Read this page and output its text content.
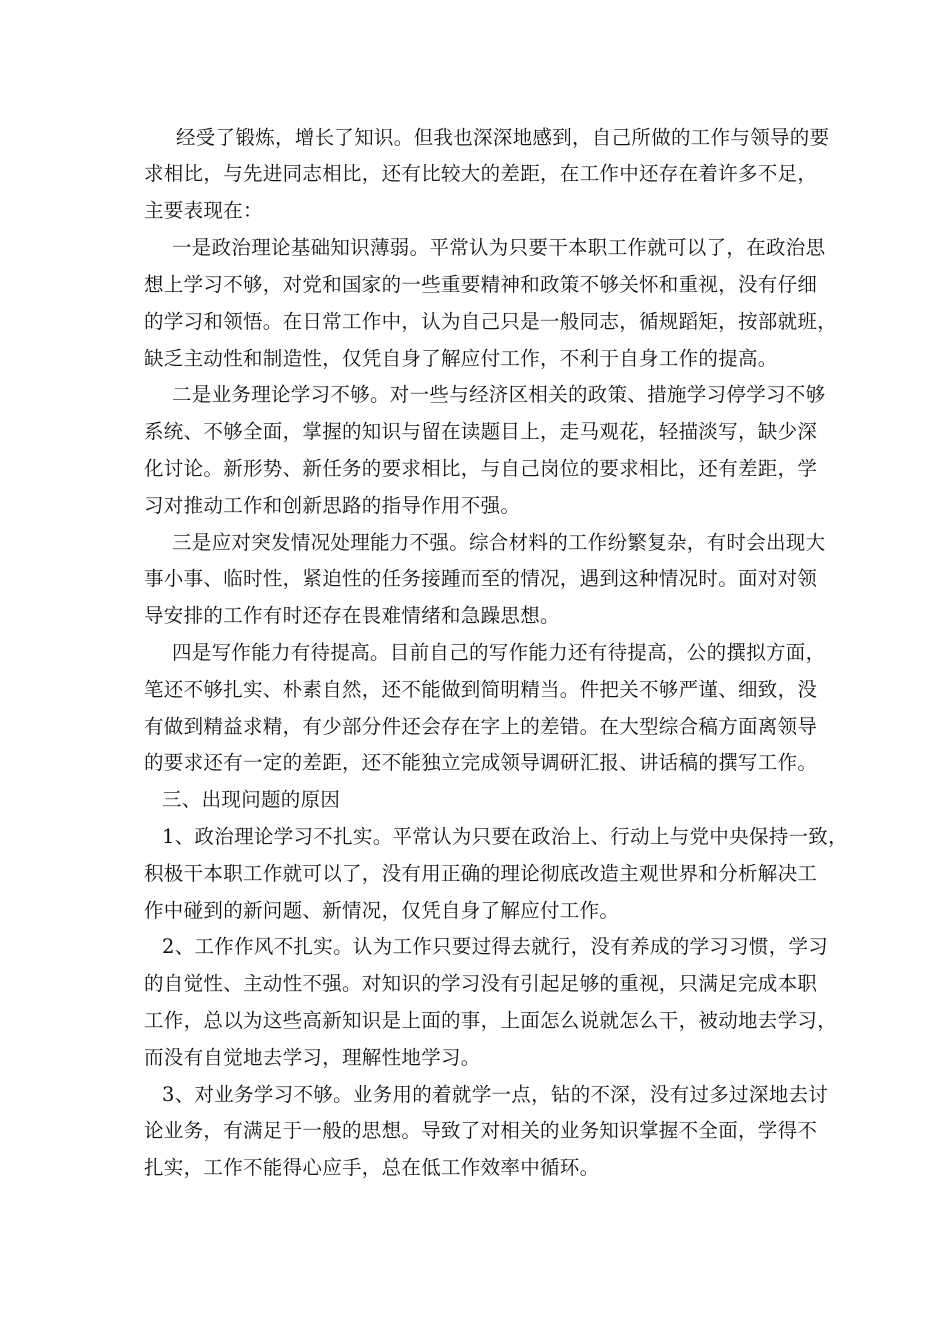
经受了锻炼，增长了知识。但我也深深地感到，自己所做的工作与领导的要

求相比，与先进同志相比，还有比较大的差距，在工作中还存在着许多不足，

主要表现在：

一是政治理论基础知识薄弱。平常认为只要干本职工作就可以了，在政治思

想上学习不够，对党和国家的一些重要精神和政策不够关怀和重视，没有仔细

的学习和领悟。在日常工作中，认为自己只是一般同志，循规蹈矩，按部就班，

缺乏主动性和制造性，仅凭自身了解应付工作，不利于自身工作的提高。

二是业务理论学习不够。对一些与经济区相关的政策、措施学习停学习不够

系统、不够全面，掌握的知识与留在读题目上，走马观花，轻描淡写，缺少深

化讨论。新形势、新任务的要求相比，与自己岗位的要求相比，还有差距，学

习对推动工作和创新思路的指导作用不强。

三是应对突发情况处理能力不强。综合材料的工作纷繁复杂，有时会出现大

事小事、临时性，紧迫性的任务接踵而至的情况，遇到这种情况时。面对对领

导安排的工作有时还存在畏难情绪和急躁思想。

四是写作能力有待提高。目前自己的写作能力还有待提高，公的撰拟方面，

笔还不够扎实、朴素自然，还不能做到简明精当。件把关不够严谨、细致，没

有做到精益求精，有少部分件还会存在字上的差错。在大型综合稿方面离领导

的要求还有一定的差距，还不能独立完成领导调研汇报、讲话稿的撰写工作。

三、出现问题的原因

1、政治理论学习不扎实。平常认为只要在政治上、行动上与党中央保持一致，

积极干本职工作就可以了，没有用正确的理论彻底改造主观世界和分析解决工

作中碰到的新问题、新情况，仅凭自身了解应付工作。

2、工作作风不扎实。认为工作只要过得去就行，没有养成的学习习惯，学习

的自觉性、主动性不强。对知识的学习没有引起足够的重视，只满足完成本职

工作，总以为这些高新知识是上面的事，上面怎么说就怎么干，被动地去学习，

而没有自觉地去学习，理解性地学习。

3、对业务学习不够。业务用的着就学一点，钻的不深，没有过多过深地去讨

论业务，有满足于一般的思想。导致了对相关的业务知识掌握不全面，学得不

扎实，工作不能得心应手，总在低工作效率中循环。
